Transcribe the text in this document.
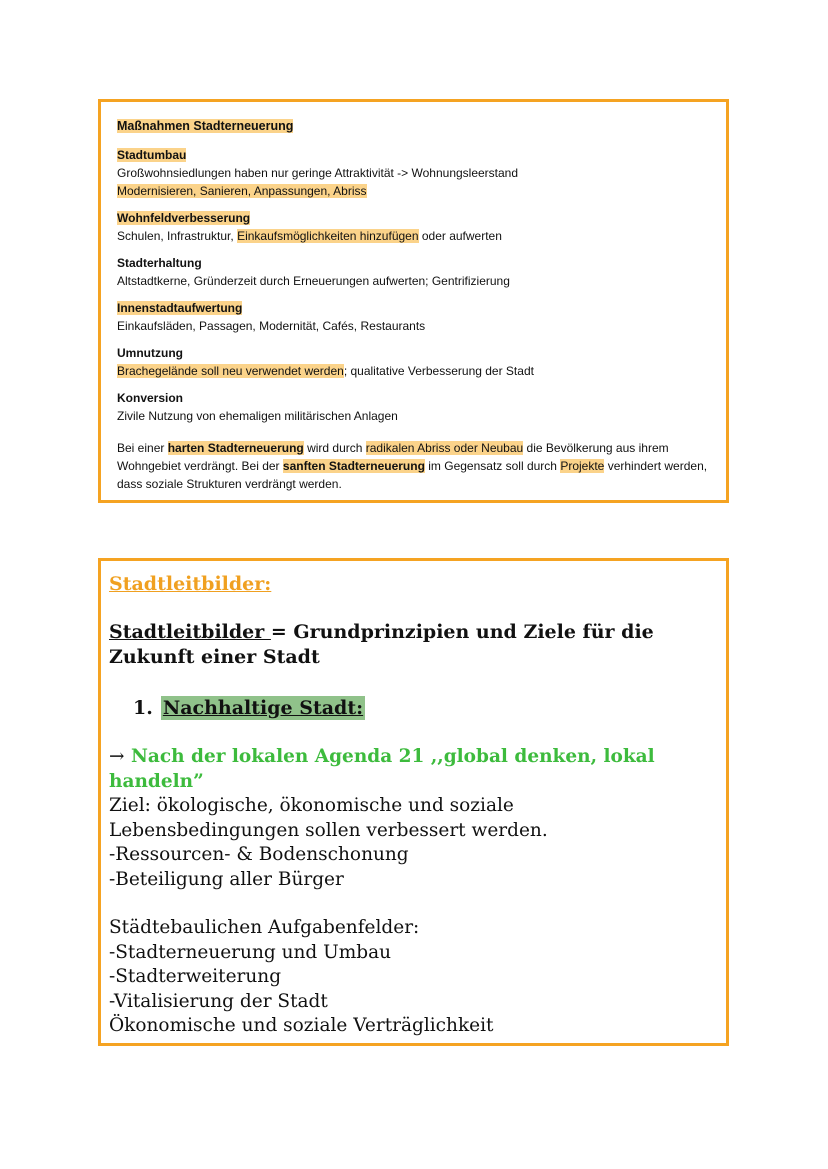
Maßnahmen Stadterneuerung
Stadtumbau
Großwohnsiedlungen haben nur geringe Attraktivität -> Wohnungsleerstand
Modernisieren, Sanieren, Anpassungen, Abriss
Wohnfeldverbesserung
Schulen, Infrastruktur, Einkaufsmöglichkeiten hinzufügen oder aufwerten
Stadterhaltung
Altstadtkerne, Gründerzeit durch Erneuerungen aufwerten; Gentrifizierung
Innenstadtaufwertung
Einkaufsläden, Passagen, Modernität, Cafés, Restaurants
Umnutzung
Brachegelände soll neu verwendet werden; qualitative Verbesserung der Stadt
Konversion
Zivile Nutzung von ehemaligen militärischen Anlagen
Bei einer harten Stadterneuerung wird durch radikalen Abriss oder Neubau die Bevölkerung aus ihrem Wohngebiet verdrängt. Bei der sanften Stadterneuerung im Gegensatz soll durch Projekte verhindert werden, dass soziale Strukturen verdrängt werden.
Stadtleitbilder:
Stadtleitbilder = Grundprinzipien und Ziele für die Zukunft einer Stadt
1. Nachhaltige Stadt:
→ Nach der lokalen Agenda 21 ,,global denken, lokal handeln”
Ziel: ökologische, ökonomische und soziale
Lebensbedingungen sollen verbessert werden.
-Ressourcen- & Bodenschonung
-Beteiligung aller Bürger
Städtebaulichen Aufgabenfelder:
-Stadterneuerung und Umbau
-Stadterweiterung
-Vitalisierung der Stadt
Ökonomische und soziale Verträglichkeit
